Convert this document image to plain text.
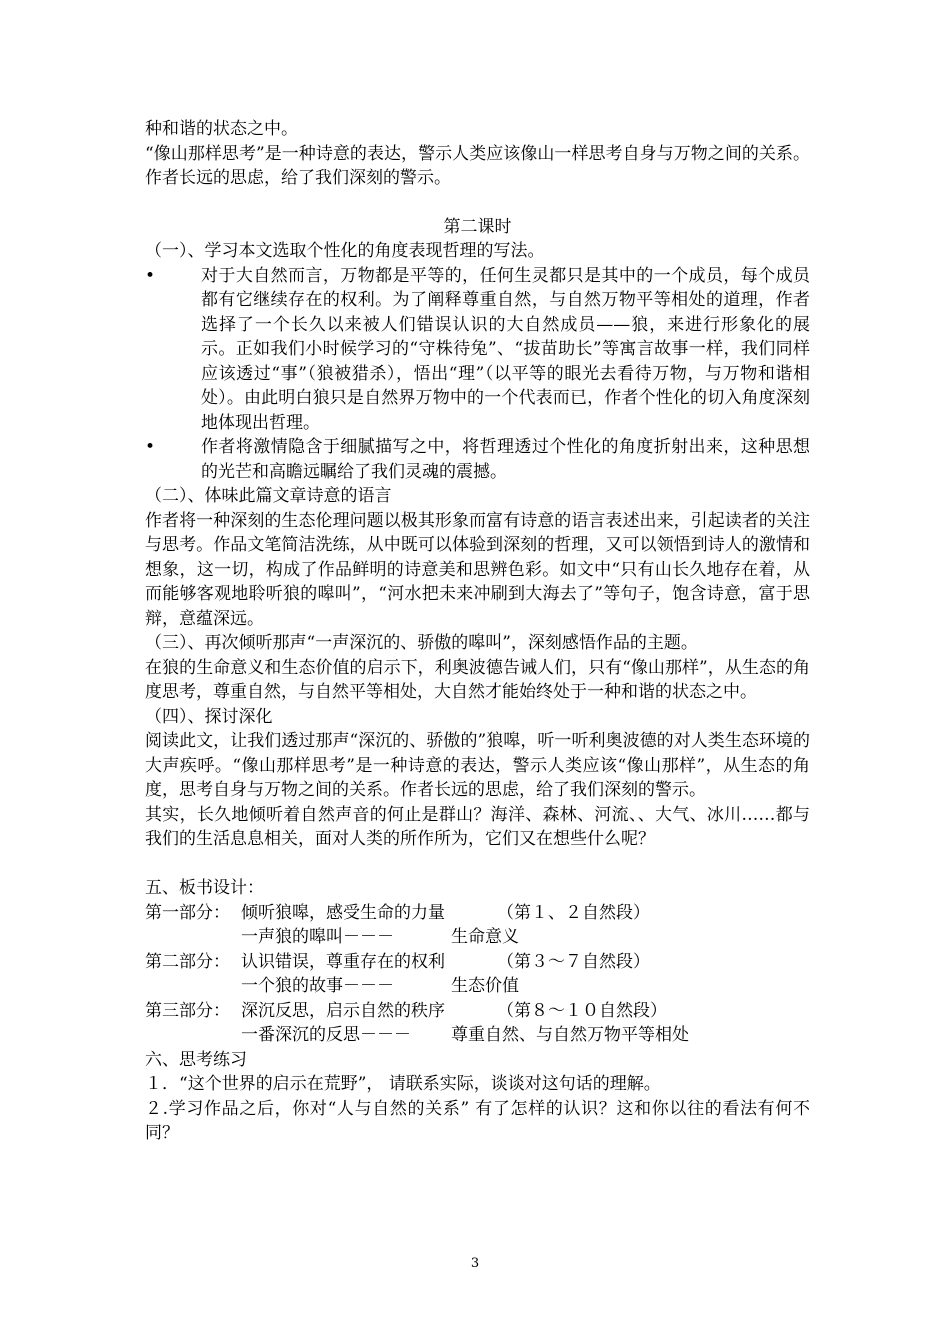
种和谐的状态之中。

“像山那样思考”是一种诗意的表达，警示人类应该像山一样思考自身与万物之间的关系。作者长远的思虑，给了我们深刻的警示。

第二课时

（一）、学习本文选取个性化的角度表现哲理的写法。

•	对于大自然而言，万物都是平等的，任何生灵都只是其中的一个成员，每个成员都有它继续存在的权利。为了阐释尊重自然，与自然万物平等相处的道理，作者选择了一个长久以来被人们错误认识的大自然成员——狼，来进行形象化的展示。正如我们小时候学习的“守株待兔”、“拔苗助长”等寓言故事一样，我们同样应该透过“事”（狼被猎杀），悟出“理”（以平等的眼光去看待万物，与万物和谐相处）。由此明白狼只是自然界万物中的一个代表而已，作者个性化的切入角度深刻地体现出哲理。
•	作者将激情隐含于细腻描写之中，将哲理透过个性化的角度折射出来，这种思想的光芒和高瞻远瞩给了我们灵魂的震撼。

（二）、体味此篇文章诗意的语言

作者将一种深刻的生态伦理问题以极其形象而富有诗意的语言表述出来，引起读者的关注与思考。作品文笔简洁洗练，从中既可以体验到深刻的哲理，又可以领悟到诗人的激情和想象，这一切，构成了作品鲜明的诗意美和思辨色彩。如文中“只有山长久地存在着，从而能够客观地聆听狼的嗥叫”，“河水把未来冲刷到大海去了”等句子，饱含诗意，富于思辩，意蕴深远。

（三）、再次倾听那声“一声深沉的、骄傲的嗥叫”，深刻感悟作品的主题。

在狼的生命意义和生态价值的启示下，利奥波德告诫人们，只有“像山那样”，从生态的角度思考，尊重自然，与自然平等相处，大自然才能始终处于一种和谐的状态之中。

（四）、探讨深化

阅读此文，让我们透过那声“深沉的、骄傲的”狼嗥，听一听利奥波德的对人类生态环境的大声疾呼。“像山那样思考”是一种诗意的表达，警示人类应该“像山那样”，从生态的角度，思考自身与万物之间的关系。作者长远的思虑，给了我们深刻的警示。

其实，长久地倾听着自然声音的何止是群山？海洋、森林、河流、、大气、冰川……都与我们的生活息息相关，面对人类的所作所为，它们又在想些什么呢？

五、板书设计：

第一部分： 倾听狼嗥，感受生命的力量	（第１、２自然段）
一声狼的嗥叫－－－	生命意义
第二部分： 认识错误，尊重存在的权利	（第３～７自然段）
一个狼的故事－－－	生态价值
第三部分： 深沉反思，启示自然的秩序	（第８～１０自然段）
一番深沉的反思－－－	尊重自然、与自然万物平等相处

六、思考练习

１．“这个世界的启示在荒野”， 请联系实际，谈谈对这句话的理解。

２.学习作品之后，你对“人与自然的关系” 有了怎样的认识？这和你以往的看法有何不同？

3
